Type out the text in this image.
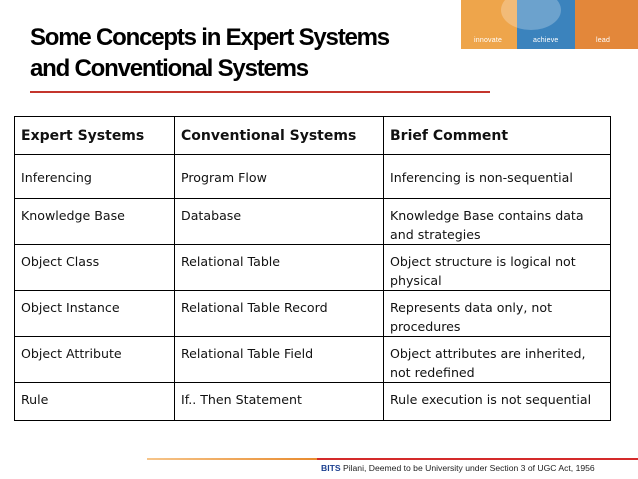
Some Concepts in Expert Systems
and Conventional Systems
innovate	achieve	lead
Expert Systems	Conventional Systems	Brief Comment
Inferencing	Program Flow	Inferencing is non-sequential
Knowledge Base	Database	Knowledge Base contains data and strategies
Object Class	Relational Table	Object structure is logical not physical
Object Instance	Relational Table Record	Represents data only, not procedures
Object Attribute	Relational Table Field	Object attributes are inherited, not redefined
Rule	If.. Then Statement	Rule execution is not sequential
BITS Pilani, Deemed to be University under Section 3 of UGC Act, 1956
